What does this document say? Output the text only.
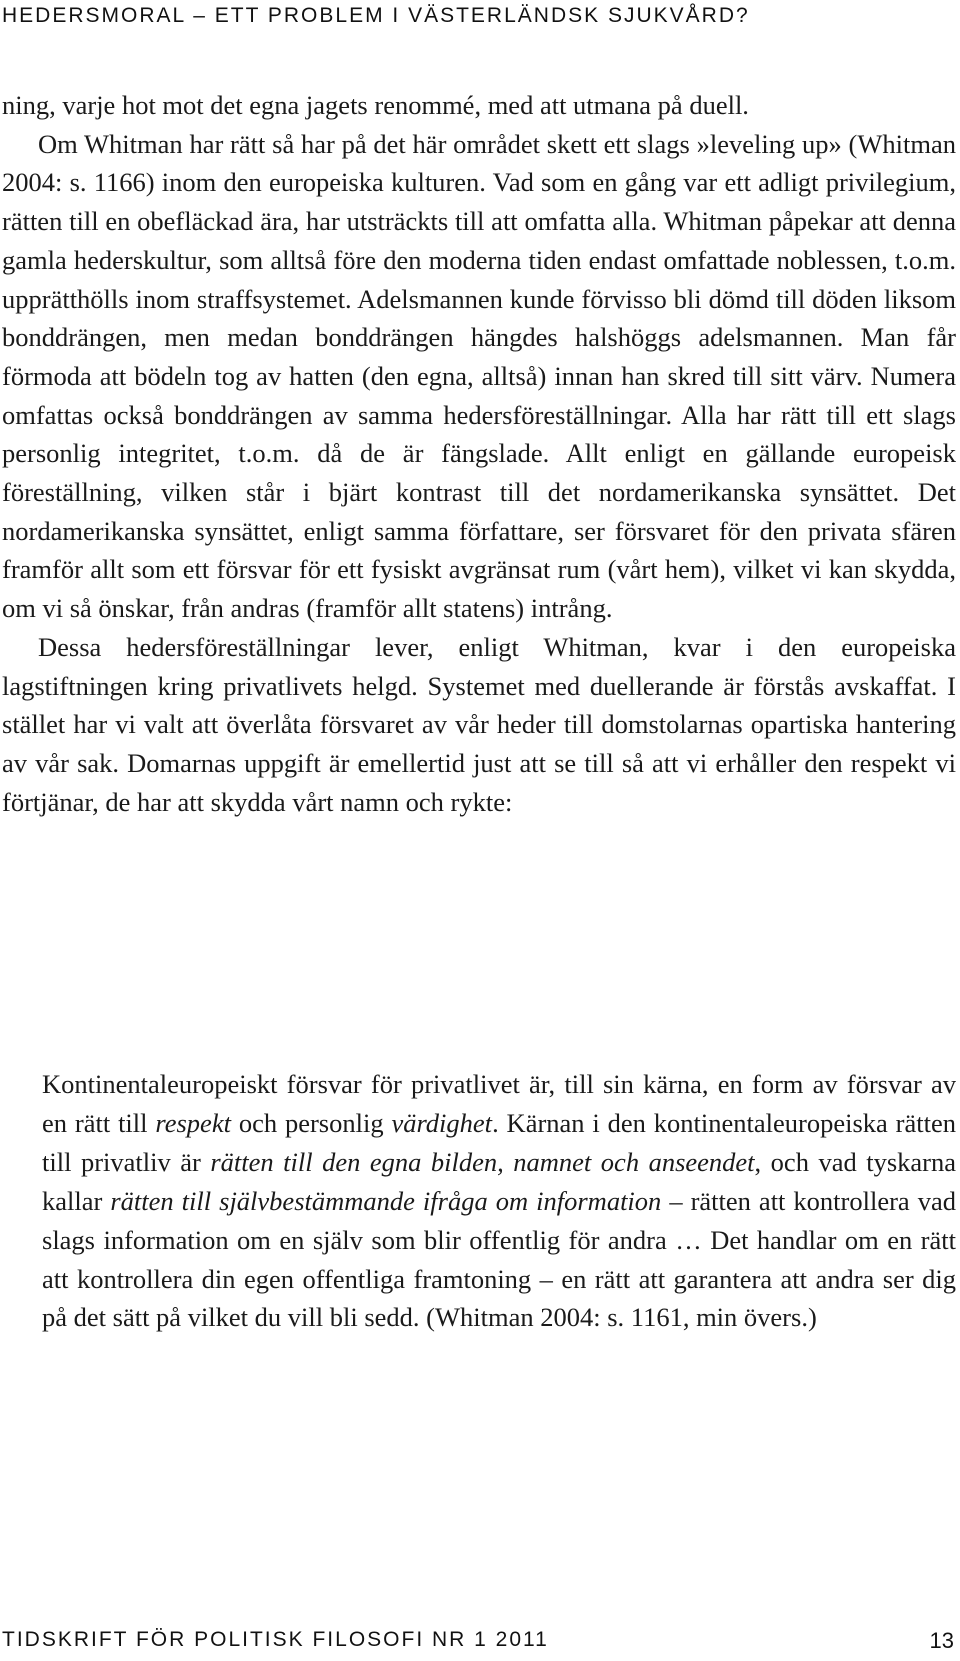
HEDERSMORAL – ETT PROBLEM I VÄSTERLÄNDSK SJUKVÅRD?

ning, varje hot mot det egna jagets renommé, med att utmana på duell.

Om Whitman har rätt så har på det här området skett ett slags »leveling up» (Whitman 2004: s. 1166) inom den europeiska kulturen. Vad som en gång var ett adligt privilegium, rätten till en obefläckad ära, har utsträckts till att omfatta alla. Whitman påpekar att denna gamla hederskultur, som alltså före den moderna tiden endast omfattade noblessen, t.o.m. upprätthölls inom straffsystemet. Adelsmannen kunde förvisso bli dömd till döden liksom bonddrängen, men medan bonddrängen hängdes halshöggs adelsmannen. Man får förmoda att bödeln tog av hatten (den egna, alltså) innan han skred till sitt värv. Numera omfattas också bonddrängen av samma hedersföreställningar. Alla har rätt till ett slags personlig integritet, t.o.m. då de är fängslade. Allt enligt en gällande europeisk föreställning, vilken står i bjärt kontrast till det nordamerikanska synsättet. Det nordamerikanska synsättet, enligt samma författare, ser försvaret för den privata sfären framför allt som ett försvar för ett fysiskt avgränsat rum (vårt hem), vilket vi kan skydda, om vi så önskar, från andras (framför allt statens) intrång.

Dessa hedersföreställningar lever, enligt Whitman, kvar i den europeiska lagstiftningen kring privatlivets helgd. Systemet med duellerande är förstås avskaffat. I stället har vi valt att överlåta försvaret av vår heder till domstolarnas opartiska hantering av vår sak. Domarnas uppgift är emellertid just att se till så att vi erhåller den respekt vi förtjänar, de har att skydda vårt namn och rykte:

Kontinentaleuropeiskt försvar för privatlivet är, till sin kärna, en form av försvar av en rätt till respekt och personlig värdighet. Kärnan i den kontinentaleuropeiska rätten till privatliv är rätten till den egna bilden, namnet och anseendet, och vad tyskarna kallar rätten till självbestämmande ifråga om information – rätten att kontrollera vad slags information om en själv som blir offentlig för andra … Det handlar om en rätt att kontrollera din egen offentliga framtoning – en rätt att garantera att andra ser dig på det sätt på vilket du vill bli sedd. (Whitman 2004: s. 1161, min övers.)

TIDSKRIFT FÖR POLITISK FILOSOFI NR 1 2011	13
